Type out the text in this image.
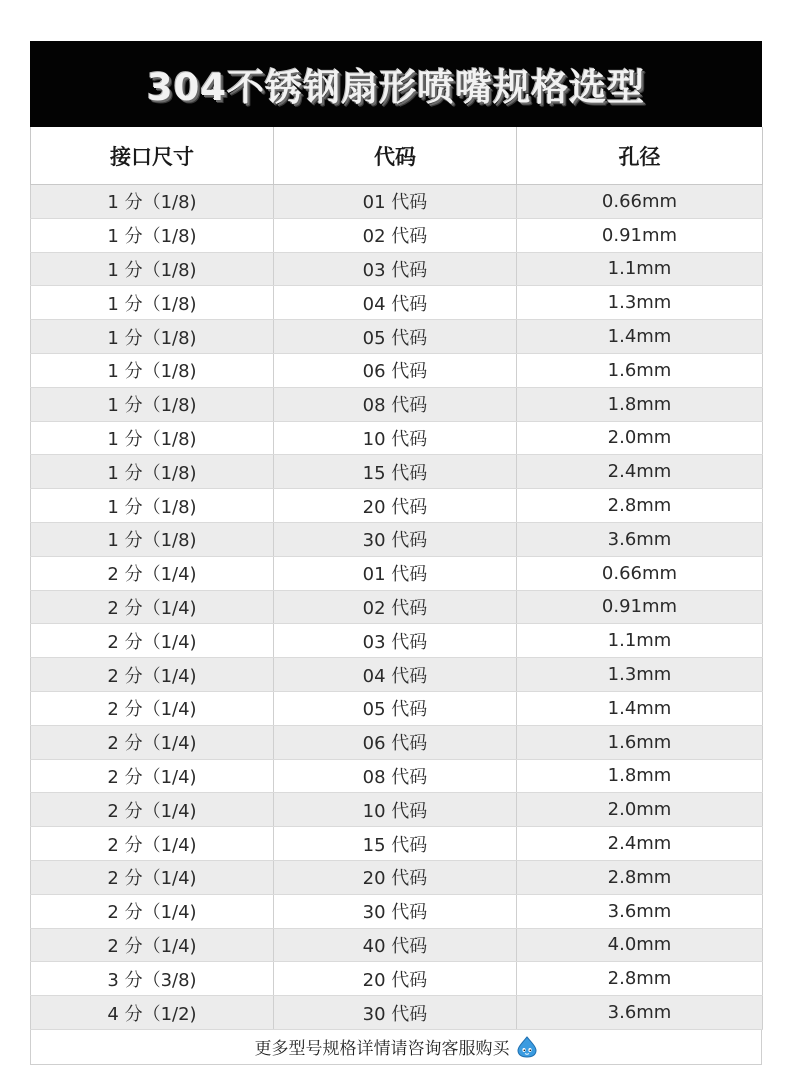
304不锈钢扇形喷嘴规格选型
接口尺寸	代码	孔径
1 分（1/8)	01 代码	0.66mm
1 分（1/8)	02 代码	0.91mm
1 分（1/8)	03 代码	1.1mm
1 分（1/8)	04 代码	1.3mm
1 分（1/8)	05 代码	1.4mm
1 分（1/8)	06 代码	1.6mm
1 分（1/8)	08 代码	1.8mm
1 分（1/8)	10 代码	2.0mm
1 分（1/8)	15 代码	2.4mm
1 分（1/8)	20 代码	2.8mm
1 分（1/8)	30 代码	3.6mm
2 分（1/4)	01 代码	0.66mm
2 分（1/4)	02 代码	0.91mm
2 分（1/4)	03 代码	1.1mm
2 分（1/4)	04 代码	1.3mm
2 分（1/4)	05 代码	1.4mm
2 分（1/4)	06 代码	1.6mm
2 分（1/4)	08 代码	1.8mm
2 分（1/4)	10 代码	2.0mm
2 分（1/4)	15 代码	2.4mm
2 分（1/4)	20 代码	2.8mm
2 分（1/4)	30 代码	3.6mm
2 分（1/4)	40 代码	4.0mm
3 分（3/8)	20 代码	2.8mm
4 分（1/2)	30 代码	3.6mm
更多型号规格详情请咨询客服购买
